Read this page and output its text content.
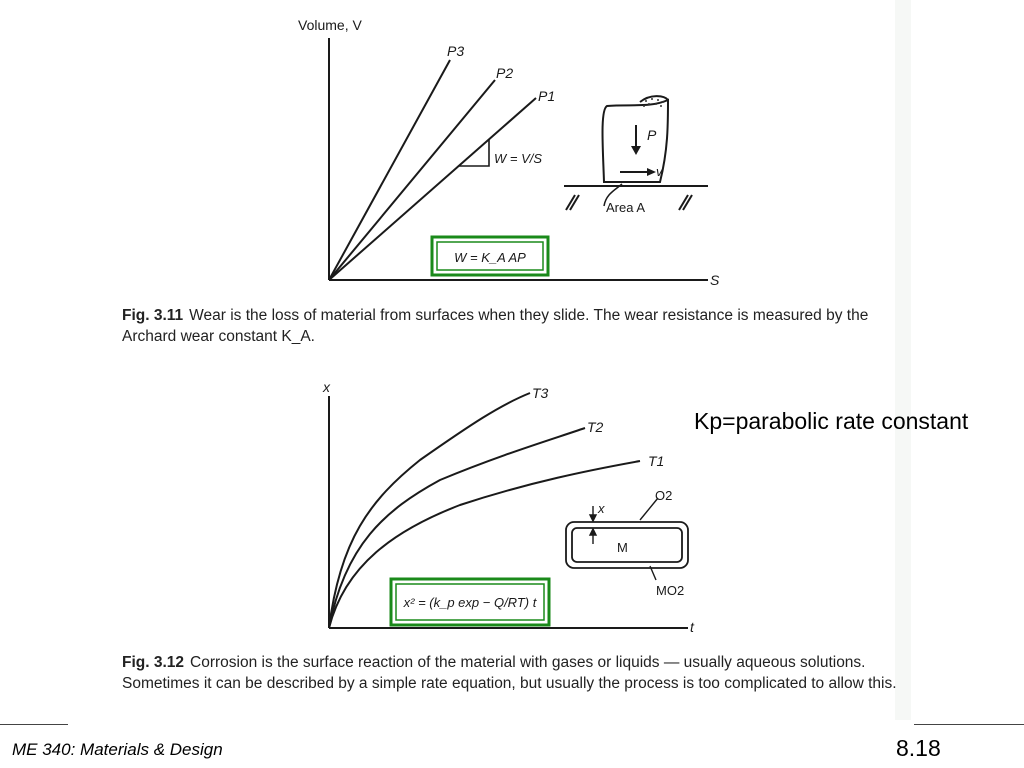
Volume, V
S
P3
P2
P1
W = V/S
W = K_A AP
P
v
Area A
x
t
T3
T2
T1
x² = (k_p exp − Q/RT) t
x
O2
M
MO2
Fig. 3.11 Wear is the loss of material from surfaces when they slide. The wear resistance is measured by the Archard wear constant K_A.
Fig. 3.12 Corrosion is the surface reaction of the material with gases or liquids — usually aqueous solutions. Sometimes it can be described by a simple rate equation, but usually the process is too complicated to allow this.
Kp=parabolic rate constant
ME 340: Materials & Design	8.18
